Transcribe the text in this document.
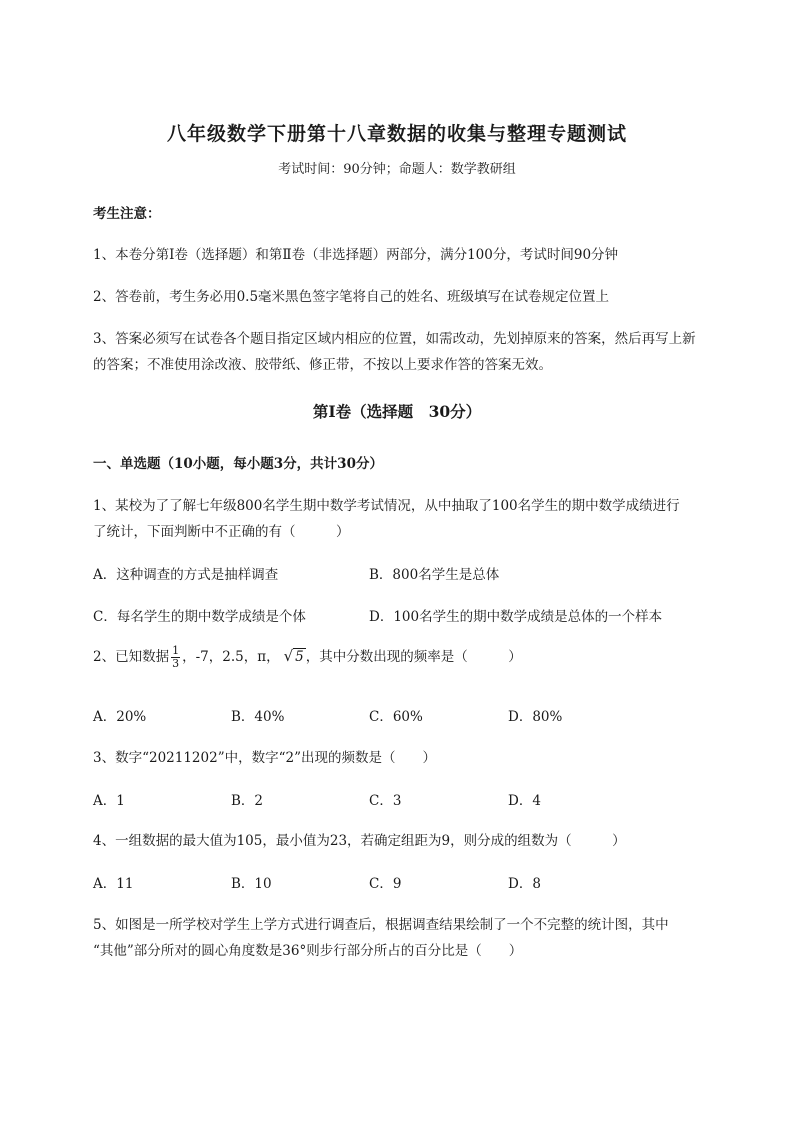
八年级数学下册第十八章数据的收集与整理专题测试
考试时间：90分钟；命题人：数学教研组
考生注意：
1、本卷分第Ⅰ卷（选择题）和第Ⅱ卷（非选择题）两部分，满分100分，考试时间90分钟
2、答卷前，考生务必用0.5毫米黑色签字笔将自己的姓名、班级填写在试卷规定位置上
3、答案必须写在试卷各个题目指定区域内相应的位置，如需改动，先划掉原来的答案，然后再写上新
的答案；不准使用涂改液、胶带纸、修正带，不按以上要求作答的答案无效。
第Ⅰ卷（选择题　30分）
一、单选题（10小题，每小题3分，共计30分）
1、某校为了了解七年级800名学生期中数学考试情况，从中抽取了100名学生的期中数学成绩进行
了统计，下面判断中不正确的有（　　　）
A．这种调查的方式是抽样调查	B．800名学生是总体
C．每名学生的期中数学成绩是个体	D．100名学生的期中数学成绩是总体的一个样本
2、已知数据 $\frac{1}{3}$ ，-7，2.5，π， √ 5 ，其中分数出现的频率是（　　　）
A．20%	B．40%	C．60%	D．80%
3、数字“20211202”中，数字“2”出现的频数是（　　）
A．1	B．2	C．3	D．4
4、一组数据的最大值为105，最小值为23，若确定组距为9，则分成的组数为（　　　）
A．11	B．10	C．9	D．8
5、如图是一所学校对学生上学方式进行调查后，根据调查结果绘制了一个不完整的统计图，其中
“其他”部分所对的圆心角度数是36°则步行部分所占的百分比是（　　）
